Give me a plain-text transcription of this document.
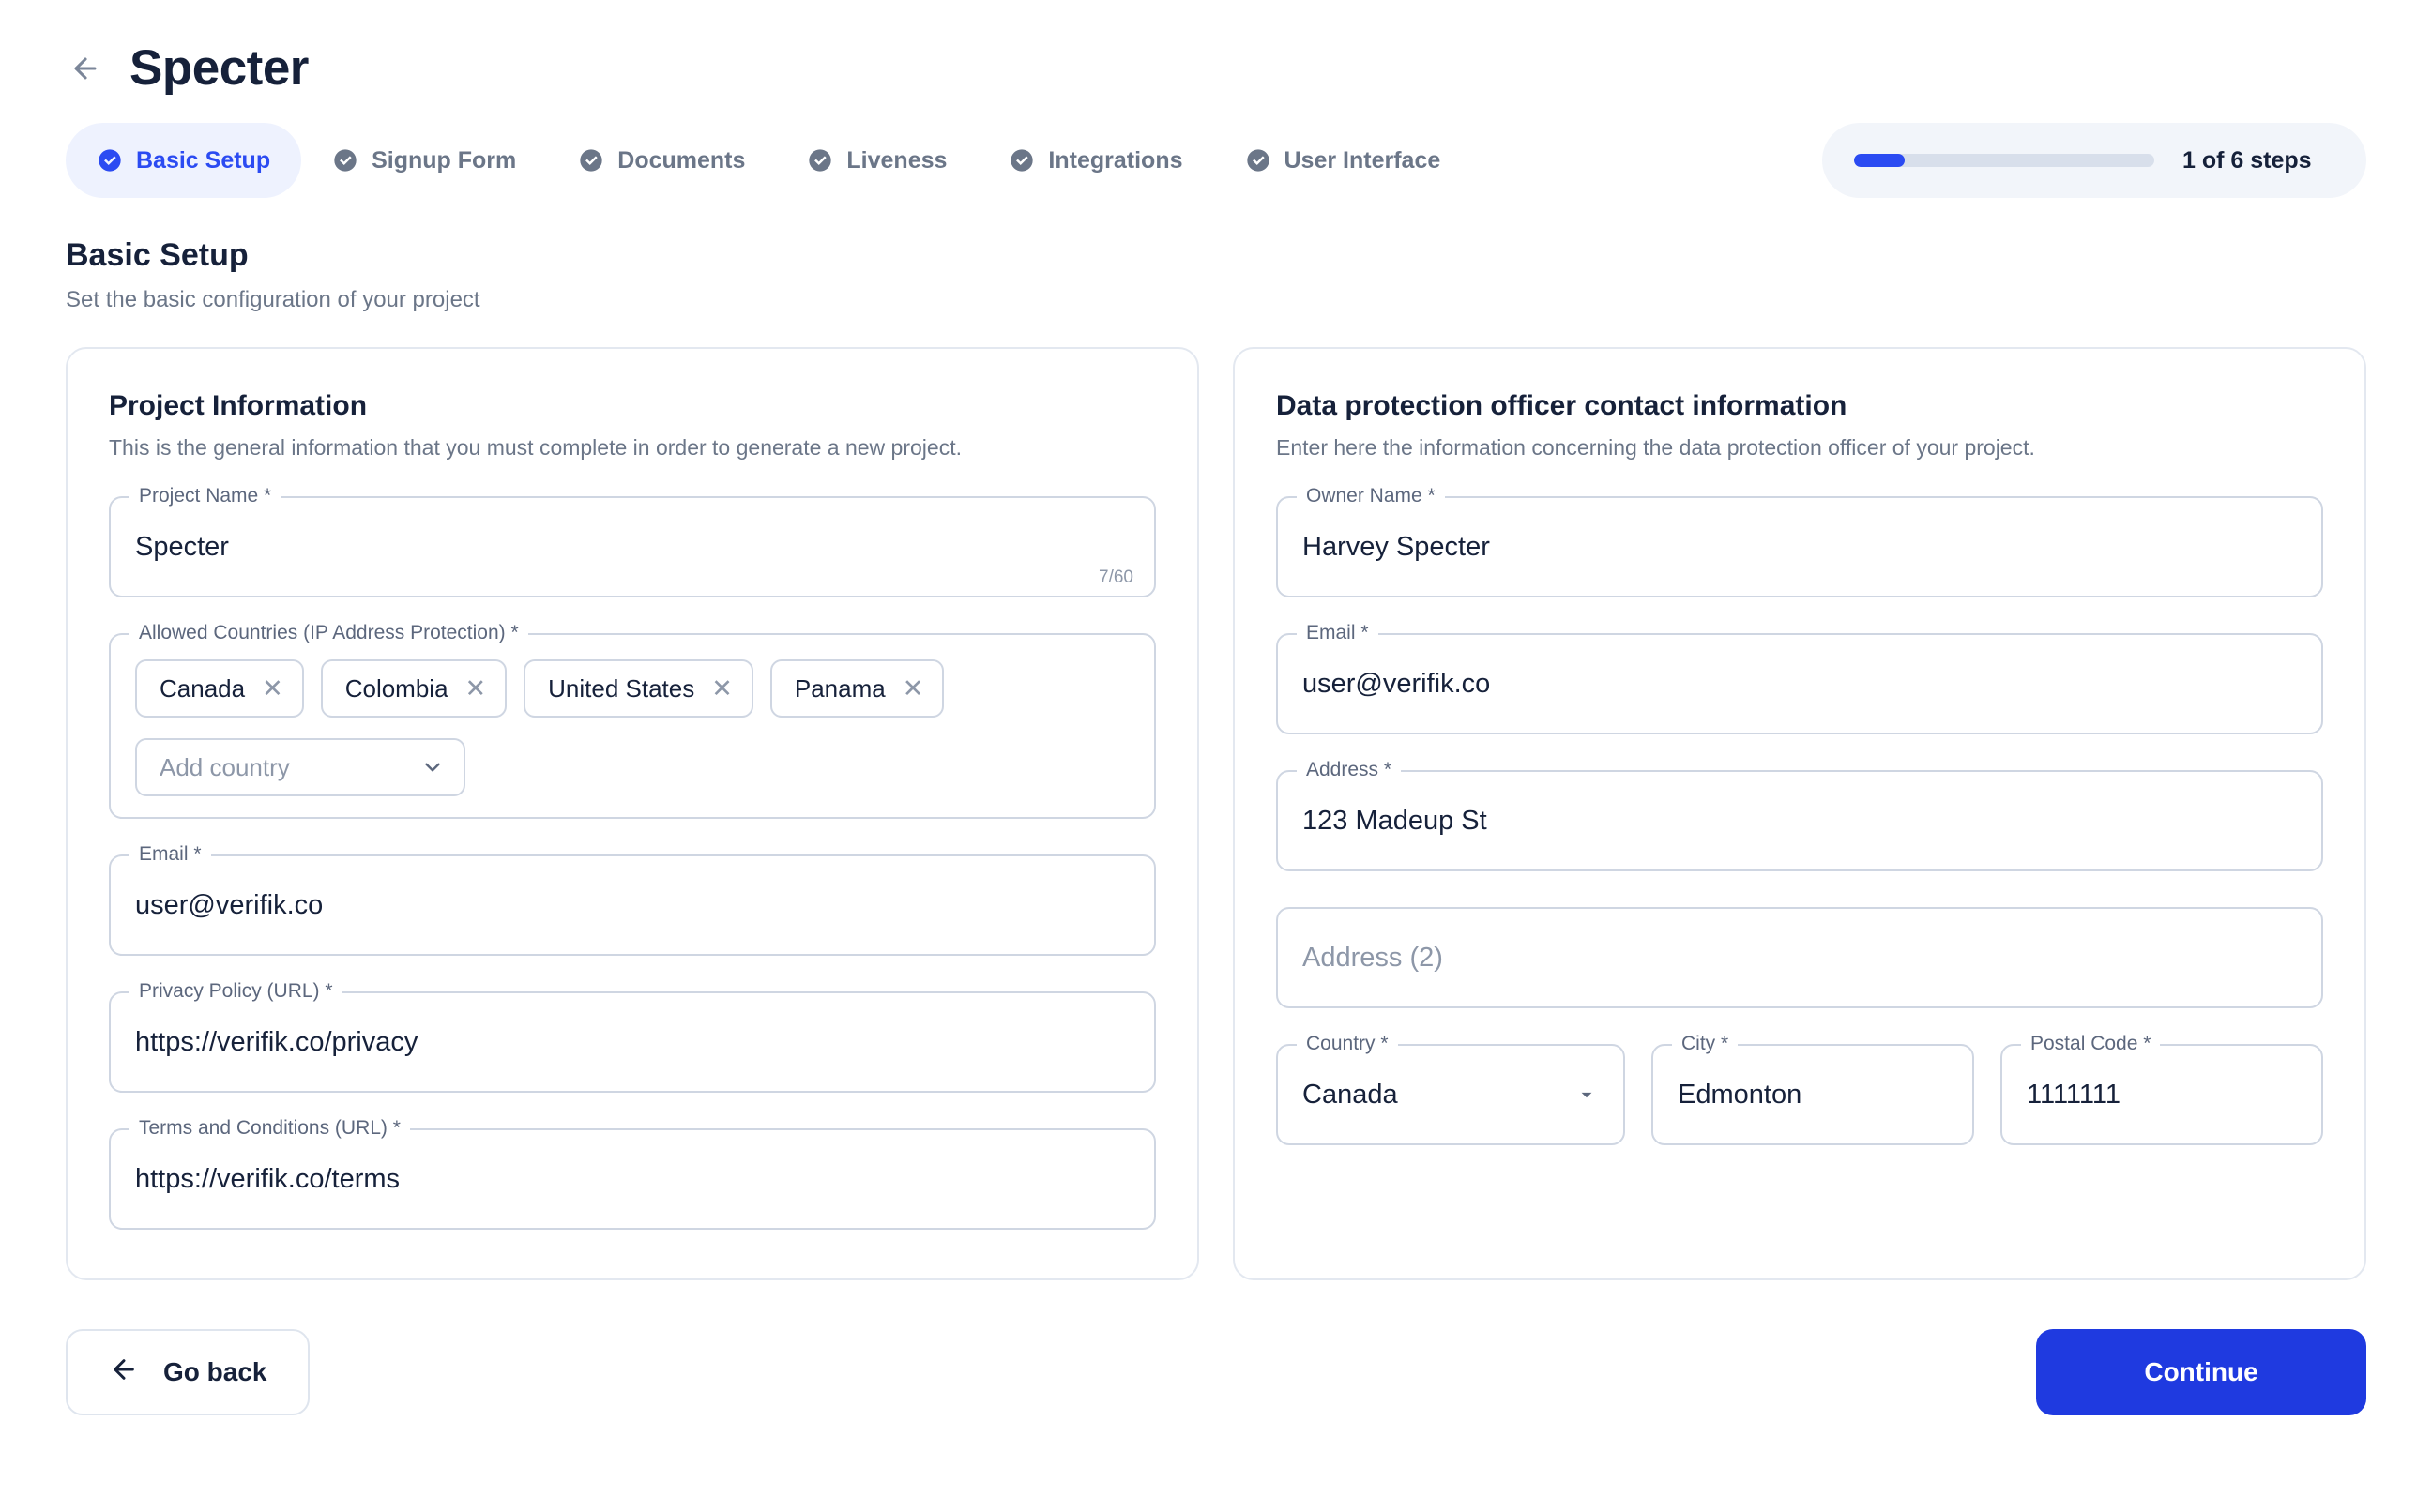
Specter
Basic Setup	Signup Form	Documents	Liveness	Integrations	User Interface	1 of 6 steps
Basic Setup
Set the basic configuration of your project
Project Information
This is the general information that you must complete in order to generate a new project.
Project Name *
Specter
7/60
Allowed Countries (IP Address Protection) *
Canada ✕	Colombia ✕	United States ✕	Panama ✕
Add country
Email *
user@verifik.co
Privacy Policy (URL) *
https://verifik.co/privacy
Terms and Conditions (URL) *
https://verifik.co/terms
Data protection officer contact information
Enter here the information concerning the data protection officer of your project.
Owner Name *
Harvey Specter
Email *
user@verifik.co
Address *
123 Madeup St
Address (2)
Country *
Canada
City *
Edmonton
Postal Code *
1111111
Go back	Continue
